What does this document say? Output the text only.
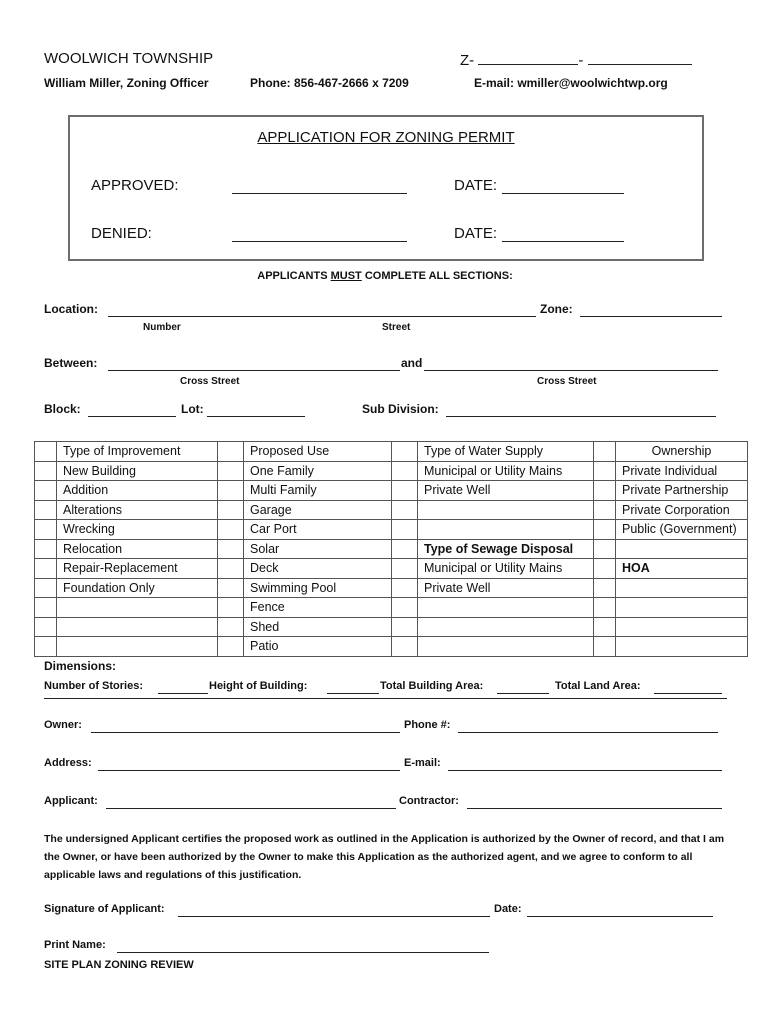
WOOLWICH TOWNSHIP	Z-	-
William Miller, Zoning Officer	Phone: 856-467-2666 x 7209	E-mail: wmiller@woolwichtwp.org
APPLICATION FOR ZONING PERMIT
APPROVED:	DATE:
DENIED:	DATE:
APPLICANTS MUST COMPLETE ALL SECTIONS:
Location:	Zone:
Number	Street
Between:	and
Cross Street	Cross Street
Block:	Lot:	Sub Division:
	Type of Improvement		Proposed Use		Type of Water Supply		Ownership
	New Building		One Family		Municipal or Utility Mains		Private Individual
	Addition		Multi Family		Private Well		Private Partnership
	Alterations		Garage				Private Corporation
	Wrecking		Car Port				Public (Government)
	Relocation		Solar		Type of Sewage Disposal		
	Repair-Replacement		Deck		Municipal or Utility Mains		HOA
	Foundation Only		Swimming Pool		Private Well		
			Fence				
			Shed				
			Patio				
Dimensions:
Number of Stories:	Height of Building:	Total Building Area:	Total Land Area:
Owner:	Phone #:
Address:	E-mail:
Applicant:	Contractor:
The undersigned Applicant certifies the proposed work as outlined in the Application is authorized by the Owner of record, and that I am the Owner, or have been authorized by the Owner to make this Application as the authorized agent, and we agree to conform to all applicable laws and regulations of this justification.
Signature of Applicant:	Date:
Print Name:
SITE PLAN ZONING REVIEW
